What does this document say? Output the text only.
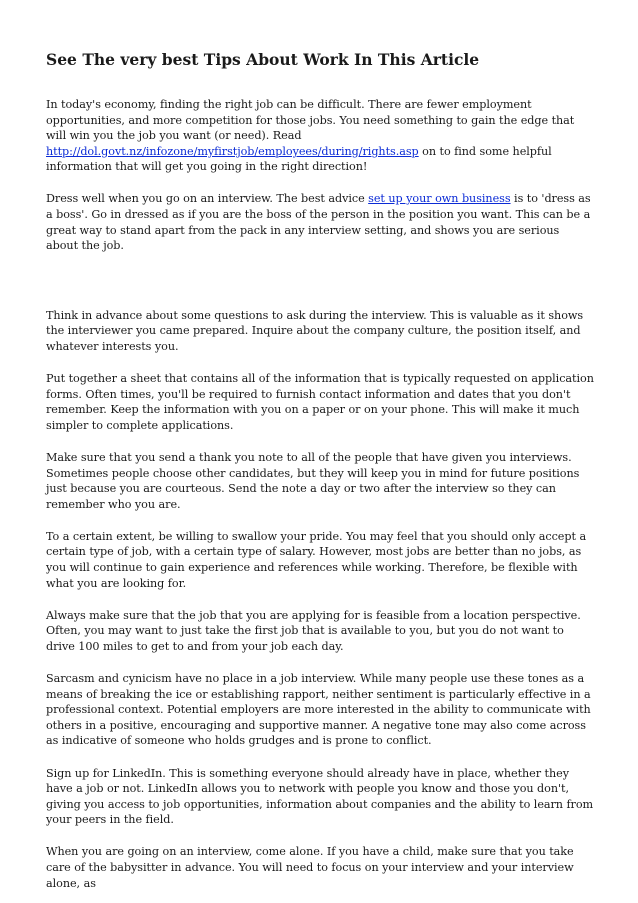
See The very best Tips About Work In This Article

In today's economy, finding the right job can be difficult. There are fewer employment opportunities, and more competition for those jobs. You need something to gain the edge that will win you the job you want (or need). Read http://dol.govt.nz/infozone/myfirstjob/employees/during/rights.asp on to find some helpful information that will get you going in the right direction!

Dress well when you go on an interview. The best advice set up your own business is to 'dress as a boss'. Go in dressed as if you are the boss of the person in the position you want. This can be a great way to stand apart from the pack in any interview setting, and shows you are serious about the job.

Think in advance about some questions to ask during the interview. This is valuable as it shows the interviewer you came prepared. Inquire about the company culture, the position itself, and whatever interests you.

Put together a sheet that contains all of the information that is typically requested on application forms. Often times, you'll be required to furnish contact information and dates that you don't remember. Keep the information with you on a paper or on your phone. This will make it much simpler to complete applications.

Make sure that you send a thank you note to all of the people that have given you interviews. Sometimes people choose other candidates, but they will keep you in mind for future positions just because you are courteous. Send the note a day or two after the interview so they can remember who you are.

To a certain extent, be willing to swallow your pride. You may feel that you should only accept a certain type of job, with a certain type of salary. However, most jobs are better than no jobs, as you will continue to gain experience and references while working. Therefore, be flexible with what you are looking for.

Always make sure that the job that you are applying for is feasible from a location perspective. Often, you may want to just take the first job that is available to you, but you do not want to drive 100 miles to get to and from your job each day.

Sarcasm and cynicism have no place in a job interview. While many people use these tones as a means of breaking the ice or establishing rapport, neither sentiment is particularly effective in a professional context. Potential employers are more interested in the ability to communicate with others in a positive, encouraging and supportive manner. A negative tone may also come across as indicative of someone who holds grudges and is prone to conflict.

Sign up for LinkedIn. This is something everyone should already have in place, whether they have a job or not. LinkedIn allows you to network with people you know and those you don't, giving you access to job opportunities, information about companies and the ability to learn from your peers in the field.

When you are going on an interview, come alone. If you have a child, make sure that you take care of the babysitter in advance. You will need to focus on your interview and your interview alone, as
